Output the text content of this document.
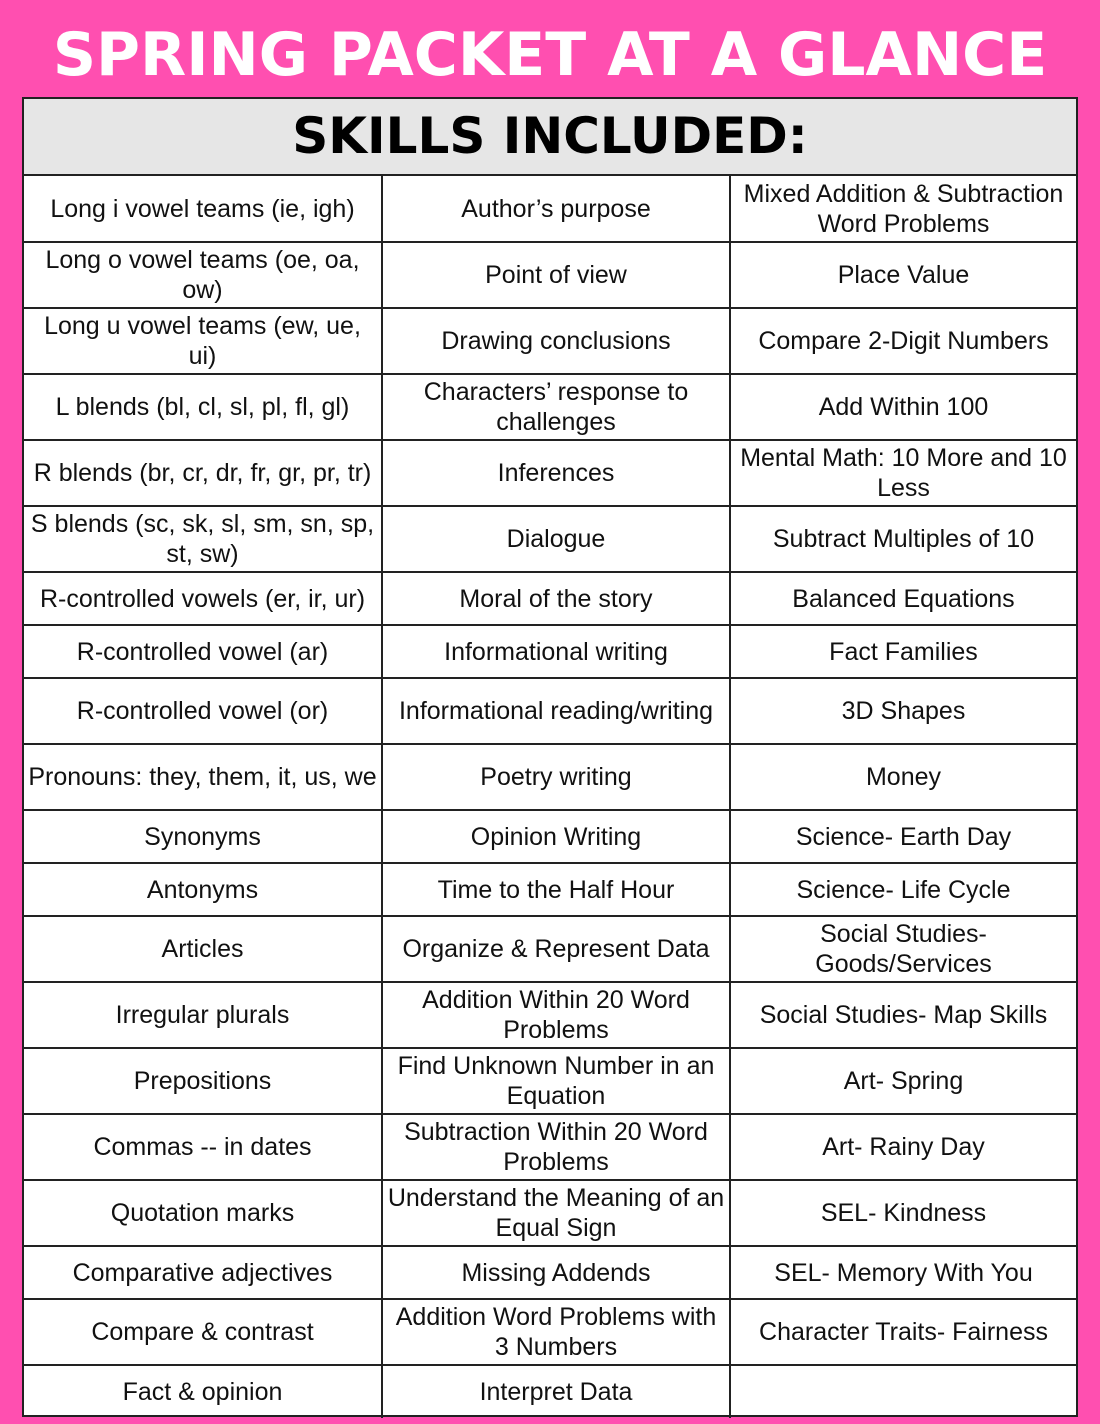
SPRING PACKET AT A GLANCE
SKILLS INCLUDED:
Long i vowel teams (ie, igh)	Author’s purpose	Mixed Addition & Subtraction Word Problems
Long o vowel teams (oe, oa, ow)	Point of view	Place Value
Long u vowel teams (ew, ue, ui)	Drawing conclusions	Compare 2-Digit Numbers
L blends (bl, cl, sl, pl, fl, gl)	Characters’ response to challenges	Add Within 100
R blends (br, cr, dr, fr, gr, pr, tr)	Inferences	Mental Math: 10 More and 10 Less
S blends (sc, sk, sl, sm, sn, sp, st, sw)	Dialogue	Subtract Multiples of 10
R-controlled vowels (er, ir, ur)	Moral of the story	Balanced Equations
R-controlled vowel (ar)	Informational writing	Fact Families
R-controlled vowel (or)	Informational reading/writing	3D Shapes
Pronouns: they, them, it, us, we	Poetry writing	Money
Synonyms	Opinion Writing	Science- Earth Day
Antonyms	Time to the Half Hour	Science- Life Cycle
Articles	Organize & Represent Data	Social Studies- Goods/Services
Irregular plurals	Addition Within 20 Word Problems	Social Studies- Map Skills
Prepositions	Find Unknown Number in an Equation	Art- Spring
Commas -- in dates	Subtraction Within 20 Word Problems	Art- Rainy Day
Quotation marks	Understand the Meaning of an Equal Sign	SEL- Kindness
Comparative adjectives	Missing Addends	SEL- Memory With You
Compare & contrast	Addition Word Problems with 3 Numbers	Character Traits- Fairness
Fact & opinion	Interpret Data	
